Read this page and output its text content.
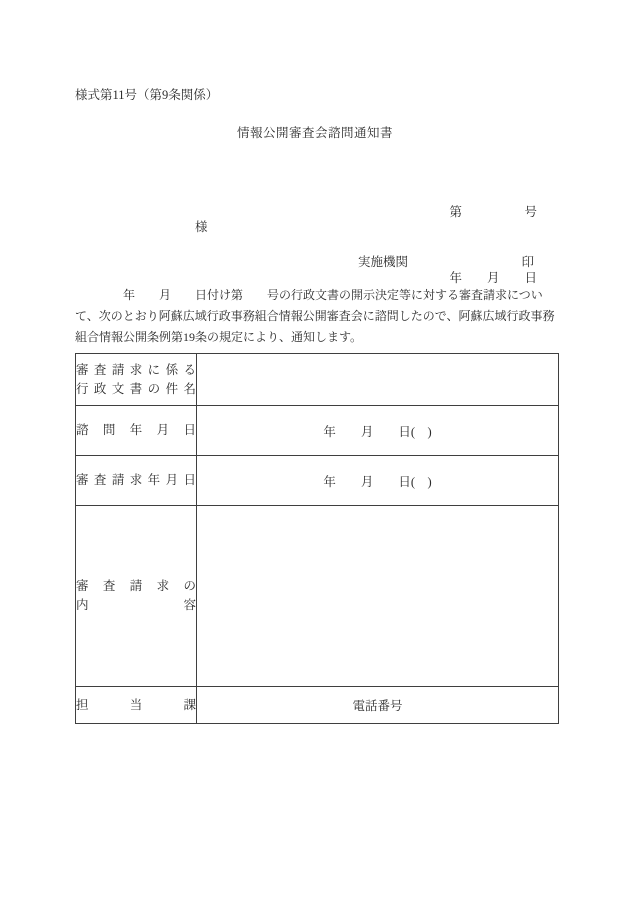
様式第11号（第9条関係）
情報公開審査会諮問通知書

第　　　　　号

年　　月　　日

様
実施機関	印
　　　　年　　月　　日付け第　　号の行政文書の開示決定等に対する審査請求につい
て、次のとおり阿蘇広域行政事務組合情報公開審査会に諮問したので、阿蘇広域行政事務
組合情報公開条例第19条の規定により、通知します。
審査請求に係る
行政文書の件名	

諮問年月日	年　　月　　日(　)

審査請求年月日	年　　月　　日(　)

審査請求の
内容	

担当課	電話番号
